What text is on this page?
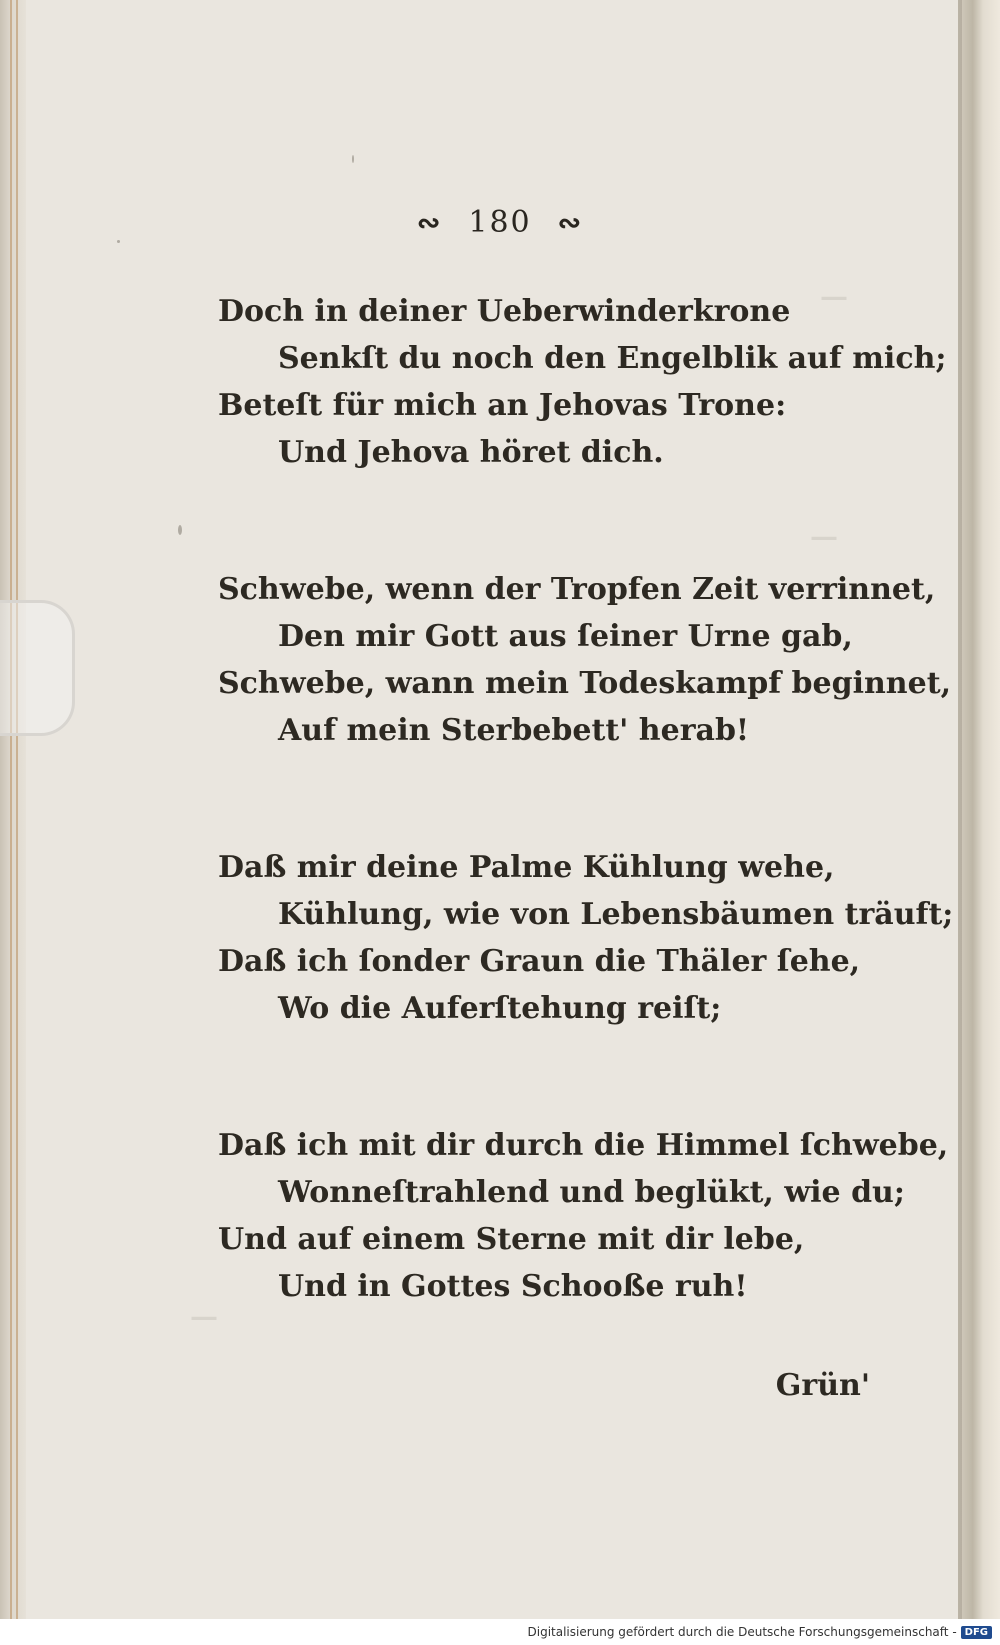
—
—
—
∾ 180 ∾
Doch in deiner Ueberwinderkrone
Senkſt du noch den Engelblik auf mich;
Beteſt für mich an Jehovas Trone:
Und Jehova höret dich.
Schwebe, wenn der Tropfen Zeit verrinnet,
Den mir Gott aus ſeiner Urne gab,
Schwebe, wann mein Todeskampf beginnet,
Auf mein Sterbebett' herab!
Daß mir deine Palme Kühlung wehe,
Kühlung, wie von Lebensbäumen träuft;
Daß ich ſonder Graun die Thäler ſehe,
Wo die Auferſtehung reiſt;
Daß ich mit dir durch die Himmel ſchwebe,
Wonneſtrahlend und beglükt, wie du;
Und auf einem Sterne mit dir lebe,
Und in Gottes Schooße ruh!
Grün'
Digitalisierung gefördert durch die Deutsche Forschungsgemeinschaft - DFG
